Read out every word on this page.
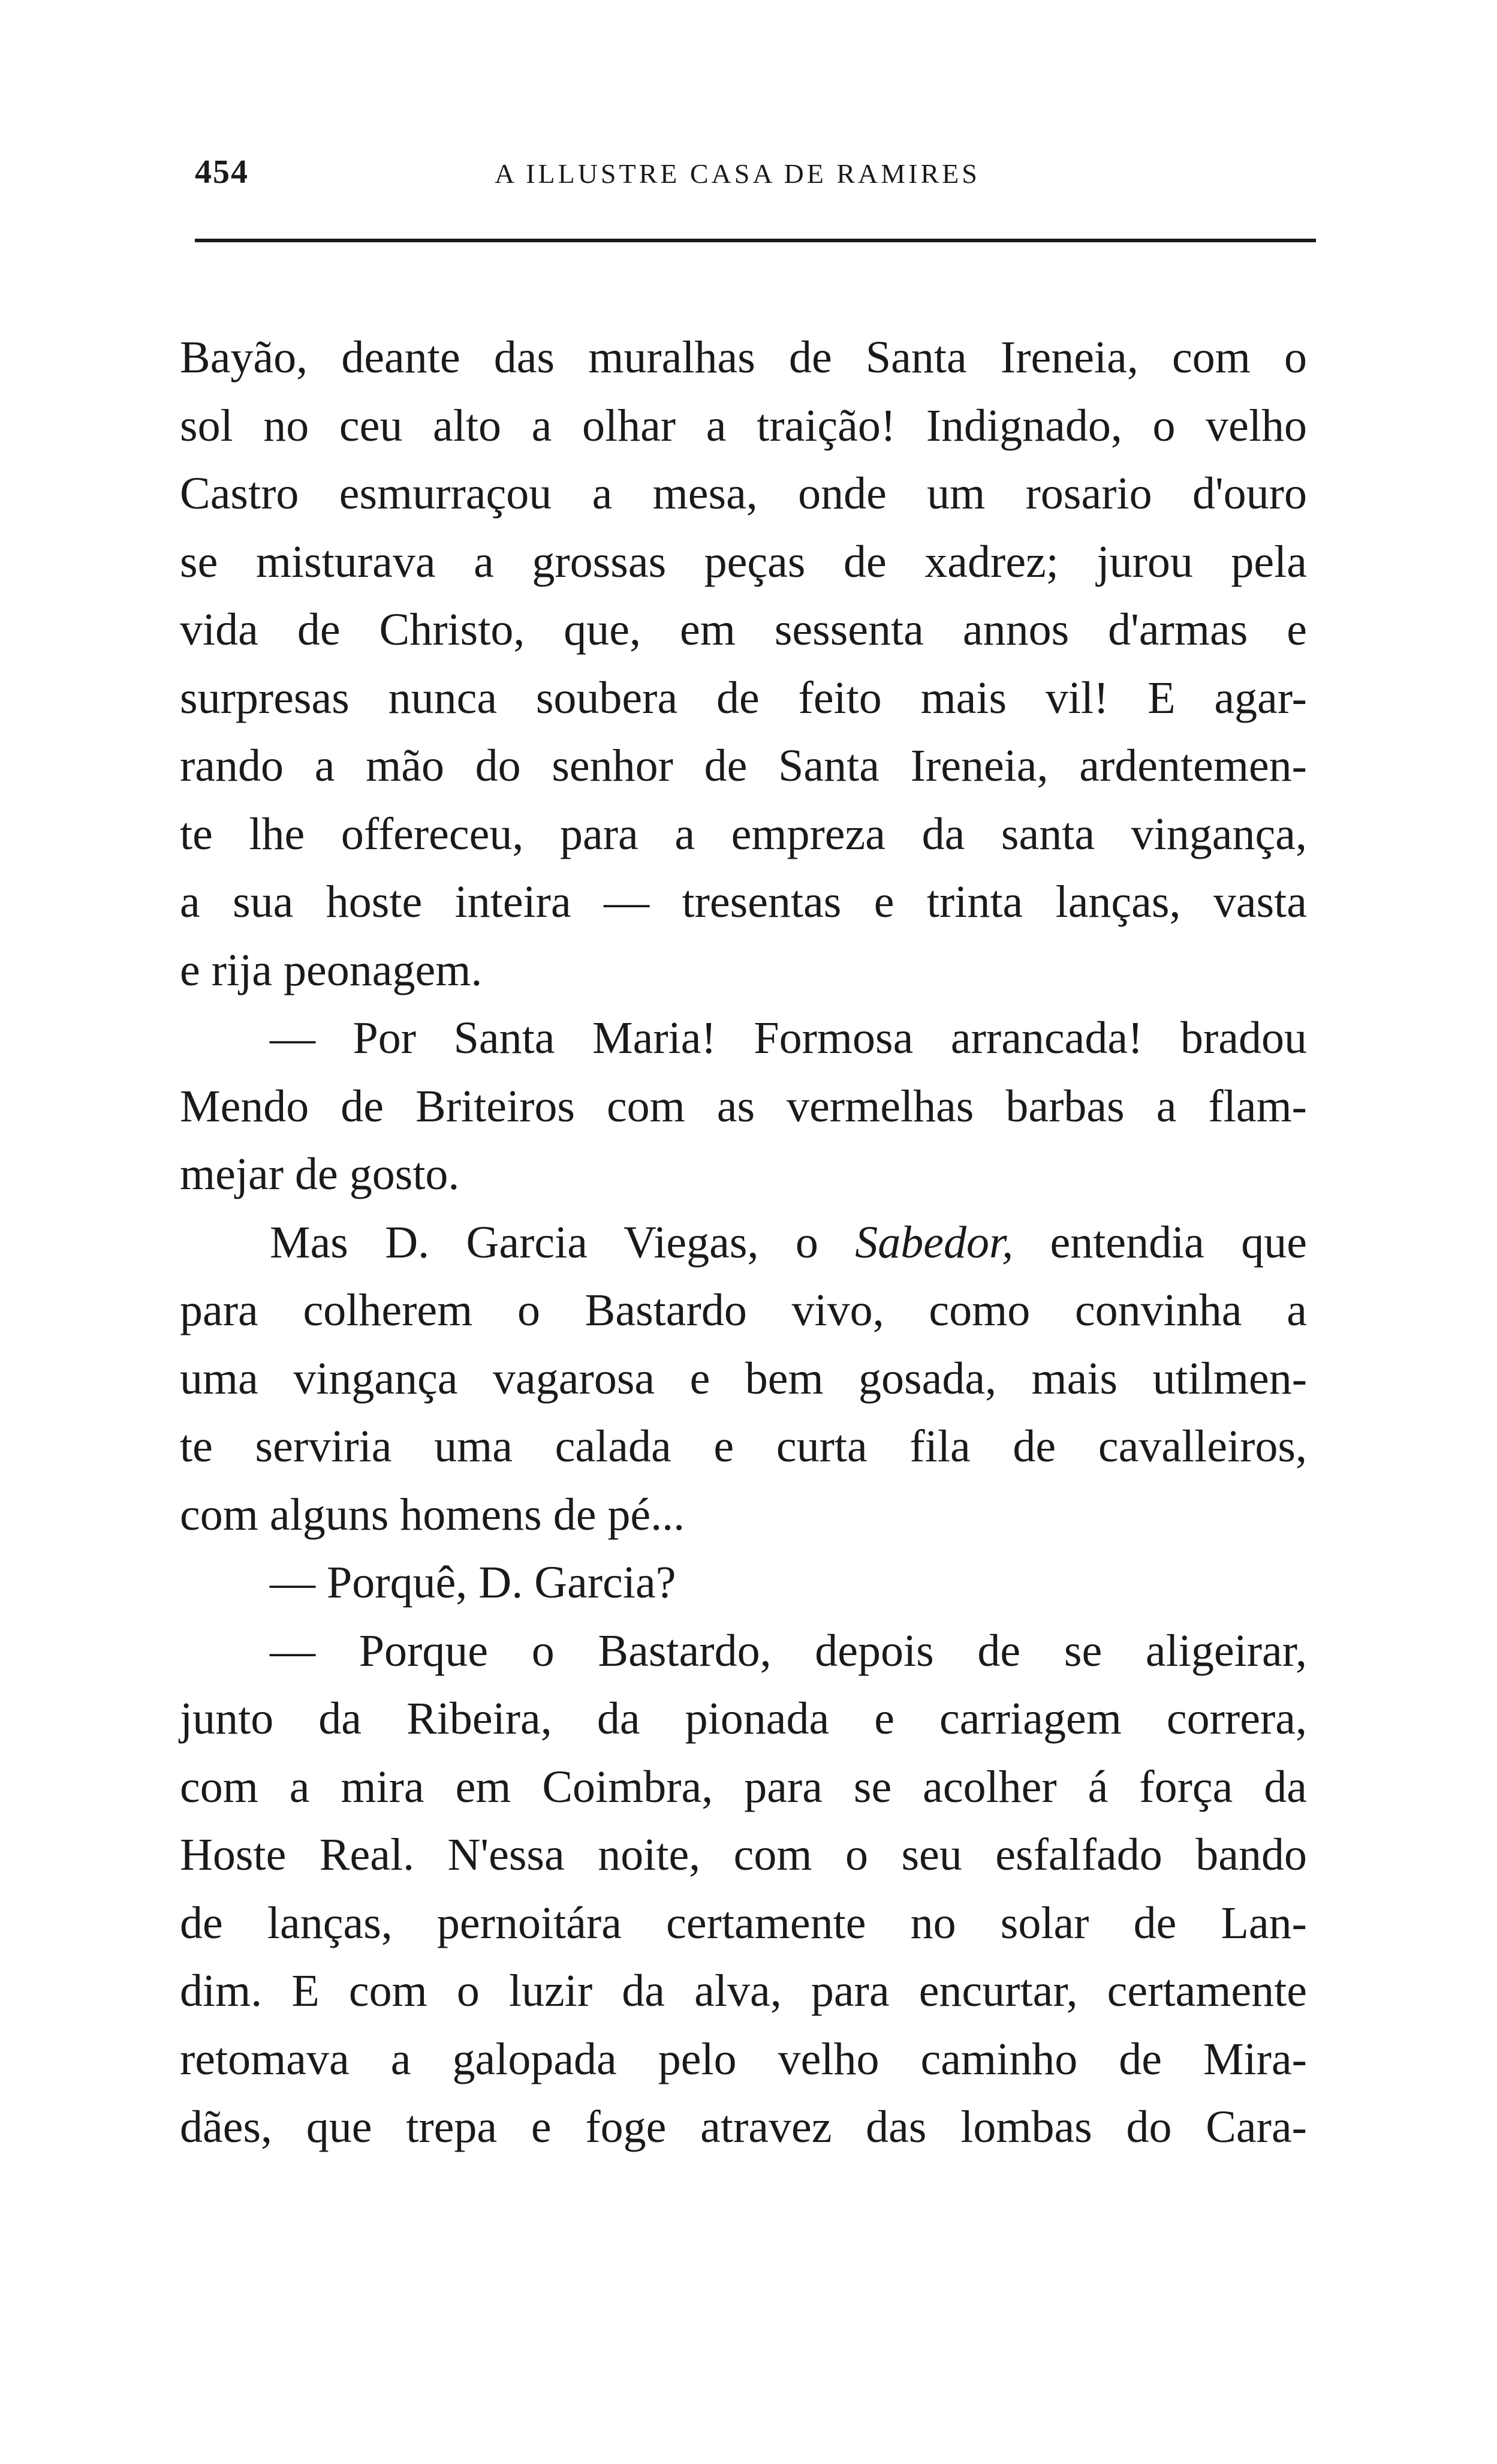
454	A ILLUSTRE CASA DE RAMIRES
Bayão, deante das muralhas de Santa Ireneia, com o
sol no ceu alto a olhar a traição! Indignado, o velho
Castro esmurraçou a mesa, onde um rosario d'ouro
se misturava a grossas peças de xadrez; jurou pela
vida de Christo, que, em sessenta annos d'armas e
surpresas nunca soubera de feito mais vil! E agar-
rando a mão do senhor de Santa Ireneia, ardentemen-
te lhe offereceu, para a empreza da santa vingança,
a sua hoste inteira — tresentas e trinta lanças, vasta
e rija peonagem.
— Por Santa Maria! Formosa arrancada! bradou
Mendo de Briteiros com as vermelhas barbas a flam-
mejar de gosto.
Mas D. Garcia Viegas, o Sabedor, entendia que
para colherem o Bastardo vivo, como convinha a
uma vingança vagarosa e bem gosada, mais utilmen-
te serviria uma calada e curta fila de cavalleiros,
com alguns homens de pé...
— Porquê, D. Garcia?
— Porque o Bastardo, depois de se aligeirar,
junto da Ribeira, da pionada e carriagem correra,
com a mira em Coimbra, para se acolher á força da
Hoste Real. N'essa noite, com o seu esfalfado bando
de lanças, pernoitára certamente no solar de Lan-
dim. E com o luzir da alva, para encurtar, certamente
retomava a galopada pelo velho caminho de Mira-
dães, que trepa e foge atravez das lombas do Cara-
